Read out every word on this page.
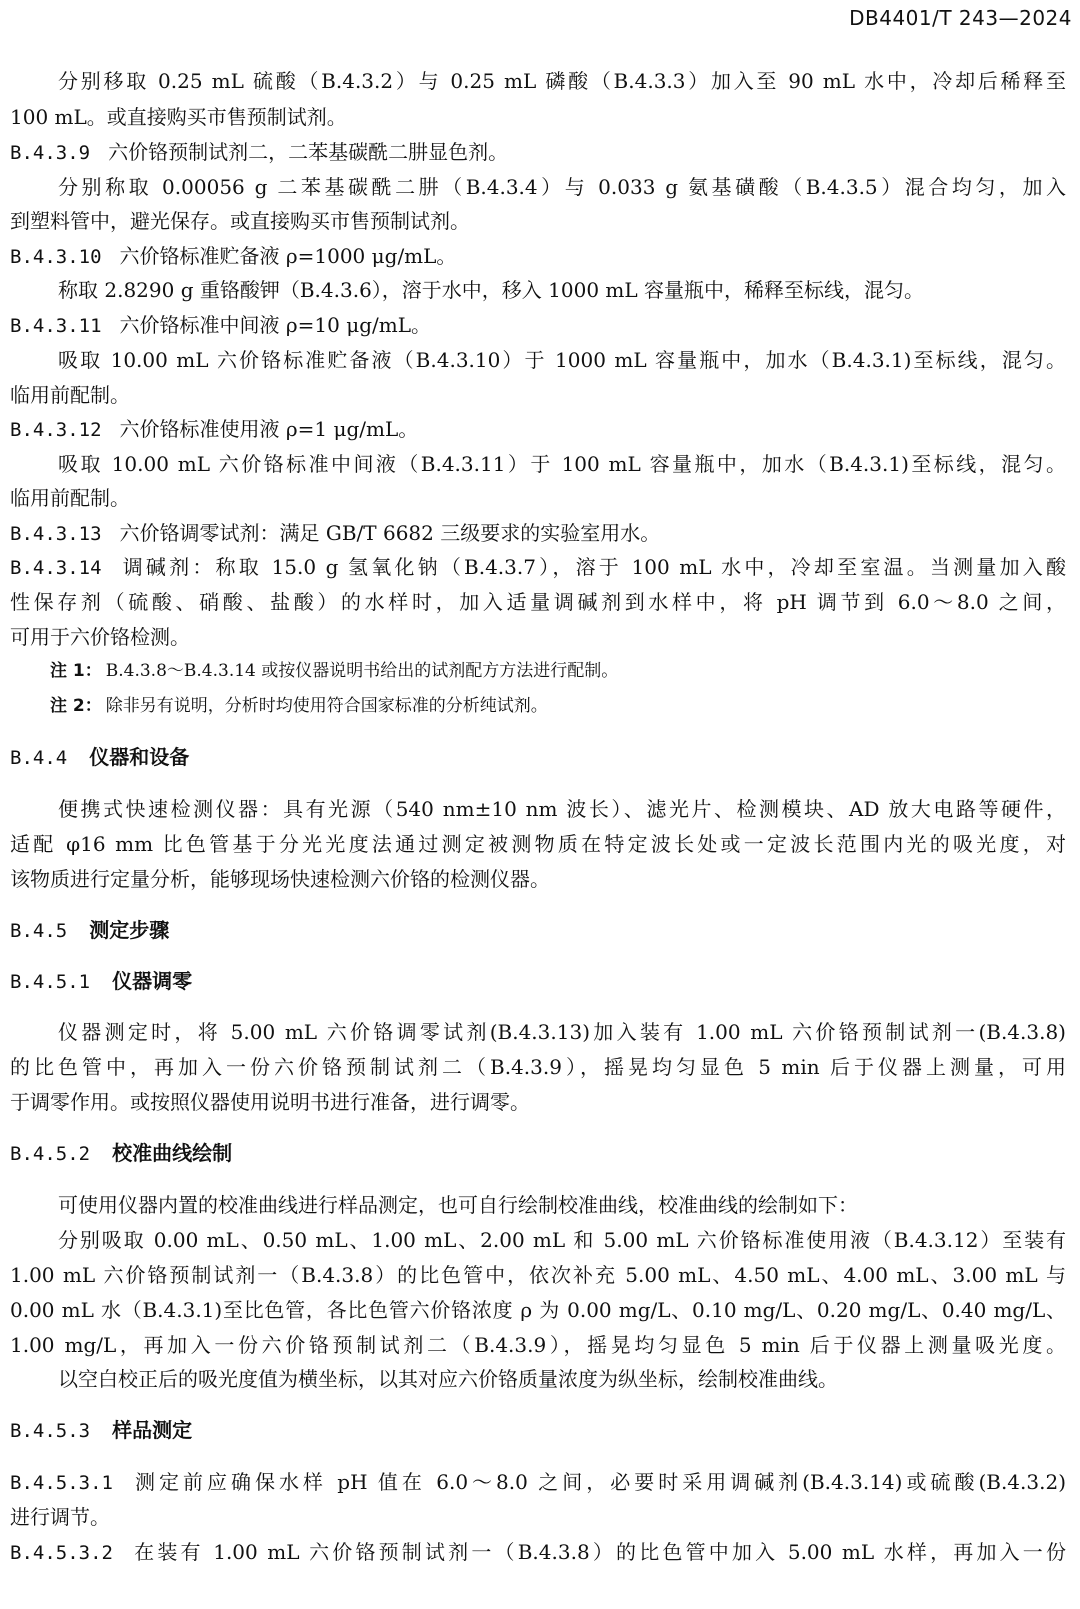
DB4401/T 243—2024
分别移取 0.25 mL 硫酸（B.4.3.2）与 0.25 mL 磷酸（B.4.3.3）加入至 90 mL 水中，冷却后稀释至
100 mL。或直接购买市售预制试剂。
B.4.3.9 六价铬预制试剂二，二苯基碳酰二肼显色剂。
分别称取 0.00056 g 二苯基碳酰二肼（B.4.3.4）与 0.033 g 氨基磺酸（B.4.3.5）混合均匀，加入
到塑料管中，避光保存。或直接购买市售预制试剂。
B.4.3.10 六价铬标准贮备液 ρ=1000 μg/mL。
称取 2.8290 g 重铬酸钾（B.4.3.6），溶于水中，移入 1000 mL 容量瓶中，稀释至标线，混匀。
B.4.3.11 六价铬标准中间液 ρ=10 μg/mL。
吸取 10.00 mL 六价铬标准贮备液（B.4.3.10）于 1000 mL 容量瓶中，加水（B.4.3.1)至标线，混匀。
临用前配制。
B.4.3.12 六价铬标准使用液 ρ=1 μg/mL。
吸取 10.00 mL 六价铬标准中间液（B.4.3.11）于 100 mL 容量瓶中，加水（B.4.3.1)至标线，混匀。
临用前配制。
B.4.3.13 六价铬调零试剂：满足 GB/T 6682 三级要求的实验室用水。
B.4.3.14 调碱剂：称取 15.0 g 氢氧化钠（B.4.3.7），溶于 100 mL 水中，冷却至室温。当测量加入酸
性保存剂（硫酸、硝酸、盐酸）的水样时，加入适量调碱剂到水样中，将 pH 调节到 6.0～8.0 之间，
可用于六价铬检测。
注 1： B.4.3.8～B.4.3.14 或按仪器说明书给出的试剂配方方法进行配制。
注 2： 除非另有说明，分析时均使用符合国家标准的分析纯试剂。
B.4.4 仪器和设备
便携式快速检测仪器：具有光源（540 nm±10 nm 波长）、滤光片、检测模块、AD 放大电路等硬件，
适配 φ16 mm 比色管基于分光光度法通过测定被测物质在特定波长处或一定波长范围内光的吸光度，对
该物质进行定量分析，能够现场快速检测六价铬的检测仪器。
B.4.5 测定步骤
B.4.5.1 仪器调零
仪器测定时，将 5.00 mL 六价铬调零试剂(B.4.3.13)加入装有 1.00 mL 六价铬预制试剂一(B.4.3.8)
的比色管中，再加入一份六价铬预制试剂二（B.4.3.9），摇晃均匀显色 5 min 后于仪器上测量，可用
于调零作用。或按照仪器使用说明书进行准备，进行调零。
B.4.5.2 校准曲线绘制
可使用仪器内置的校准曲线进行样品测定，也可自行绘制校准曲线，校准曲线的绘制如下：
分别吸取 0.00 mL、0.50 mL、1.00 mL、2.00 mL 和 5.00 mL 六价铬标准使用液（B.4.3.12）至装有
1.00 mL 六价铬预制试剂一（B.4.3.8）的比色管中，依次补充 5.00 mL、4.50 mL、4.00 mL、3.00 mL 与
0.00 mL 水（B.4.3.1)至比色管，各比色管六价铬浓度 ρ 为 0.00 mg/L、0.10 mg/L、0.20 mg/L、0.40 mg/L、
1.00 mg/L，再加入一份六价铬预制试剂二（B.4.3.9），摇晃均匀显色 5 min 后于仪器上测量吸光度。
以空白校正后的吸光度值为横坐标，以其对应六价铬质量浓度为纵坐标，绘制校准曲线。
B.4.5.3 样品测定
B.4.5.3.1 测定前应确保水样 pH 值在 6.0～8.0 之间，必要时采用调碱剂(B.4.3.14)或硫酸(B.4.3.2)
进行调节。
B.4.5.3.2 在装有 1.00 mL 六价铬预制试剂一（B.4.3.8）的比色管中加入 5.00 mL 水样，再加入一份
